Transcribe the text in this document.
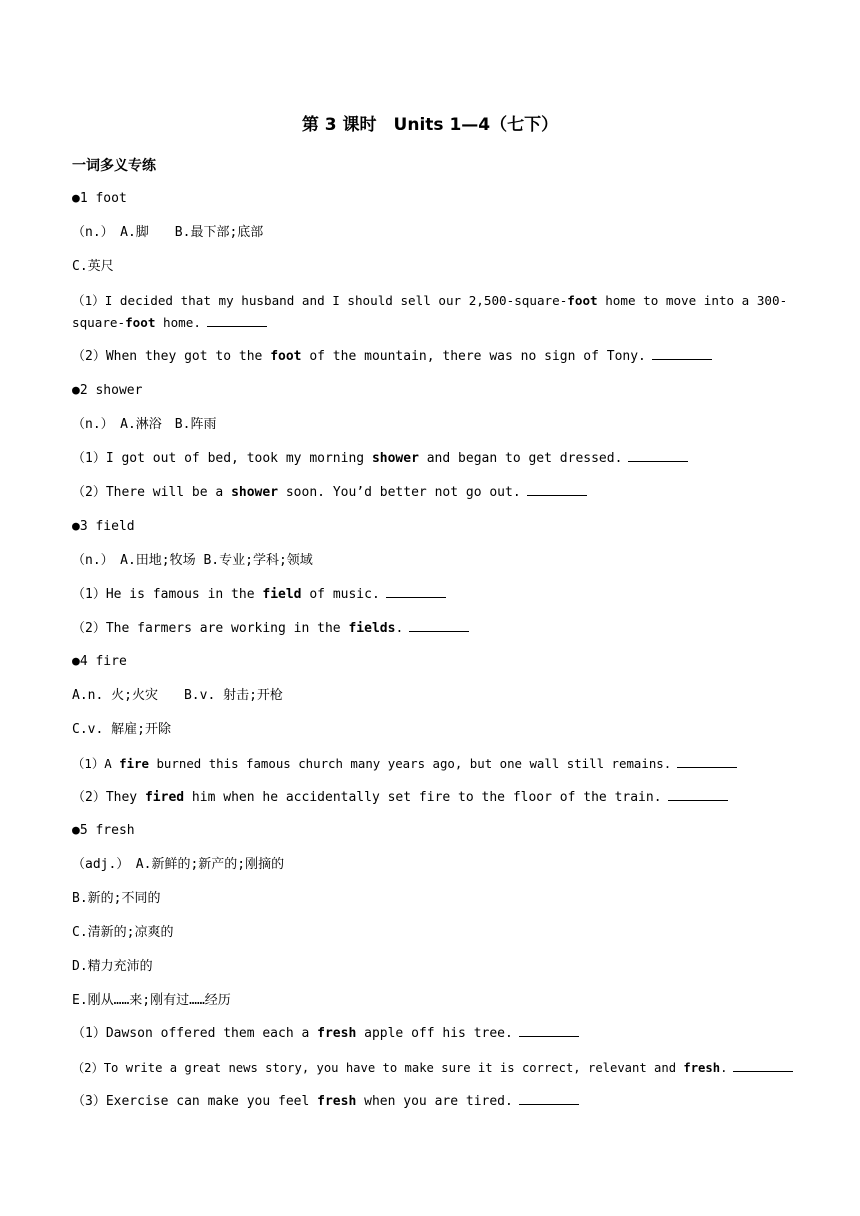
第 3 课时　Units 1—4（七下）
一词多义专练
●1 foot
（n.）　A.脚　　B.最下部;底部
C.英尺
（1）I decided that my husband and I should sell our 2,500-square-foot home to move into a 300-square-foot home.
（2）When they got to the foot of the mountain, there was no sign of Tony.
●2 shower
（n.）　A.淋浴　B.阵雨
（1）I got out of bed, took my morning shower and began to get dressed.
（2）There will be a shower soon. You’d better not go out.
●3 field
（n.）　A.田地;牧场 B.专业;学科;领域
（1）He is famous in the field of music.
（2）The farmers are working in the fields.
●4 fire
A.n. 火;火灾　　B.v. 射击;开枪
C.v. 解雇;开除
（1）A fire burned this famous church many years ago, but one wall still remains.
（2）They fired him when he accidentally set fire to the floor of the train.
●5 fresh
（adj.）　A.新鲜的;新产的;刚摘的
B.新的;不同的
C.清新的;凉爽的
D.精力充沛的
E.刚从……来;刚有过……经历
（1）Dawson offered them each a fresh apple off his tree.
（2）To write a great news story, you have to make sure it is correct, relevant and fresh.
（3）Exercise can make you feel fresh when you are tired.
